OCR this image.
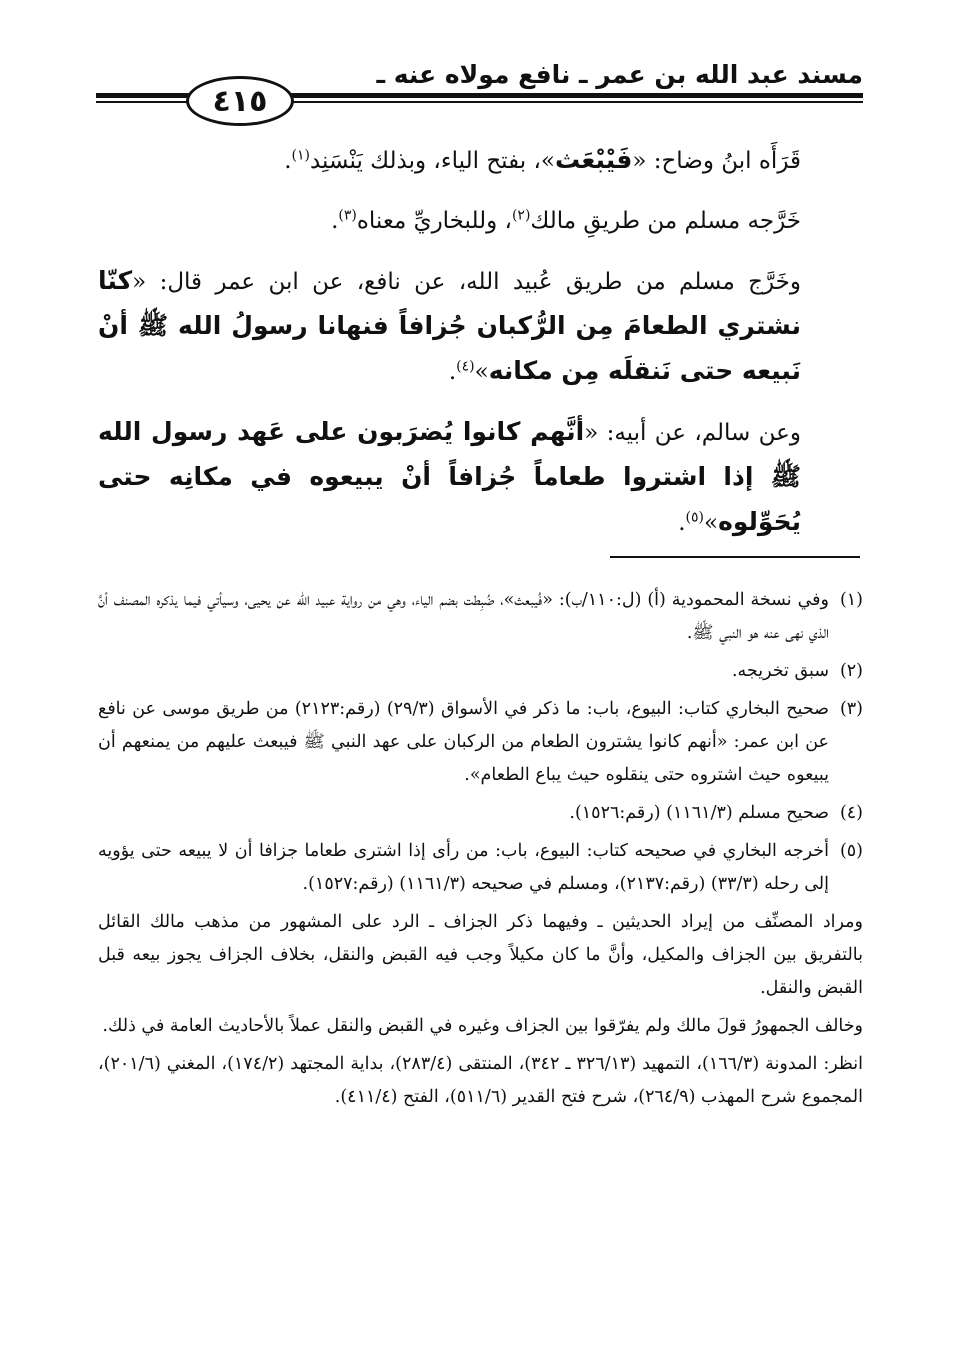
مسند عبد الله بن عمر ـ نافع مولاه عنه ـ
٤١٥

قَرَأَه ابنُ وضاح: «فَيْبْعَث»، بفتح الياء، وبذلك يَنْسَنِد$^{(١)}$.

خَرَّجه مسلم من طريقِ مالك$^{(٢)}$، وللبخاريِّ معناه$^{(٣)}$.

وخَرَّج مسلم من طريق عُبيد الله، عن نافع، عن ابن عمر قال: «كنّا نشتري الطعامَ مِن الرُّكبان جُزافاً فنهانا رسولُ الله ﷺ أنْ نَبيعه حتى نَنقلَه مِن مكانه»$^{(٤)}$.

وعن سالم، عن أبيه: «أنَّهم كانوا يُضرَبون على عَهد رسول الله ﷺ إذا اشتروا طعاماً جُزافاً أنْ يبيعوه في مكانِه حتى يُحَوِّلوه»$^{(٥)}$.

(١)وفي نسخة المحمودية (أ) (ل:١١٠/ب): «فُيبعث»، ضُبِطت بضم الياء، وهي من رواية عبيد الله عن يحيى، وسيأتي فيما يذكره المصنف أنَّ الذي نهى عنه هو النبي ﷺ.

(٢)سبق تخريجه.

(٣)صحيح البخاري كتاب: البيوع، باب: ما ذكر في الأسواق (٢٩/٣) (رقم:٢١٢٣) من طريق موسى عن نافع عن ابن عمر: «أنهم كانوا يشترون الطعام من الركبان على عهد النبي ﷺ فيبعث عليهم من يمنعهم أن يبيعوه حيث اشتروه حتى ينقلوه حيث يباع الطعام».

(٤)صحيح مسلم (١١٦١/٣) (رقم:١٥٢٦).

(٥)أخرجه البخاري في صحيحه كتاب: البيوع، باب: من رأى إذا اشترى طعاما جزافا أن لا يبيعه حتى يؤويه إلى رحله (٣٣/٣) (رقم:٢١٣٧)، ومسلم في صحيحه (١١٦١/٣) (رقم:١٥٢٧).

ومراد المصنِّف من إيراد الحديثين ـ وفيهما ذكر الجزاف ـ الرد على المشهور من مذهب مالك القائل بالتفريق بين الجزاف والمكيل، وأنَّ ما كان مكيلاً وجب فيه القبض والنقل، بخلاف الجزاف يجوز بيعه قبل القبض والنقل.

وخالف الجمهورُ قولَ مالك ولم يفرّقوا بين الجزاف وغيره في القبض والنقل عملاً بالأحاديث العامة في ذلك.

انظر: المدونة (١٦٦/٣)، التمهيد (٣٢٦/١٣ ـ ٣٤٢)، المنتقى (٢٨٣/٤)، بداية المجتهد (١٧٤/٢)، المغني (٢٠١/٦)، المجموع شرح المهذب (٢٦٤/٩)، شرح فتح القدير (٥١١/٦)، الفتح (٤١١/٤).
